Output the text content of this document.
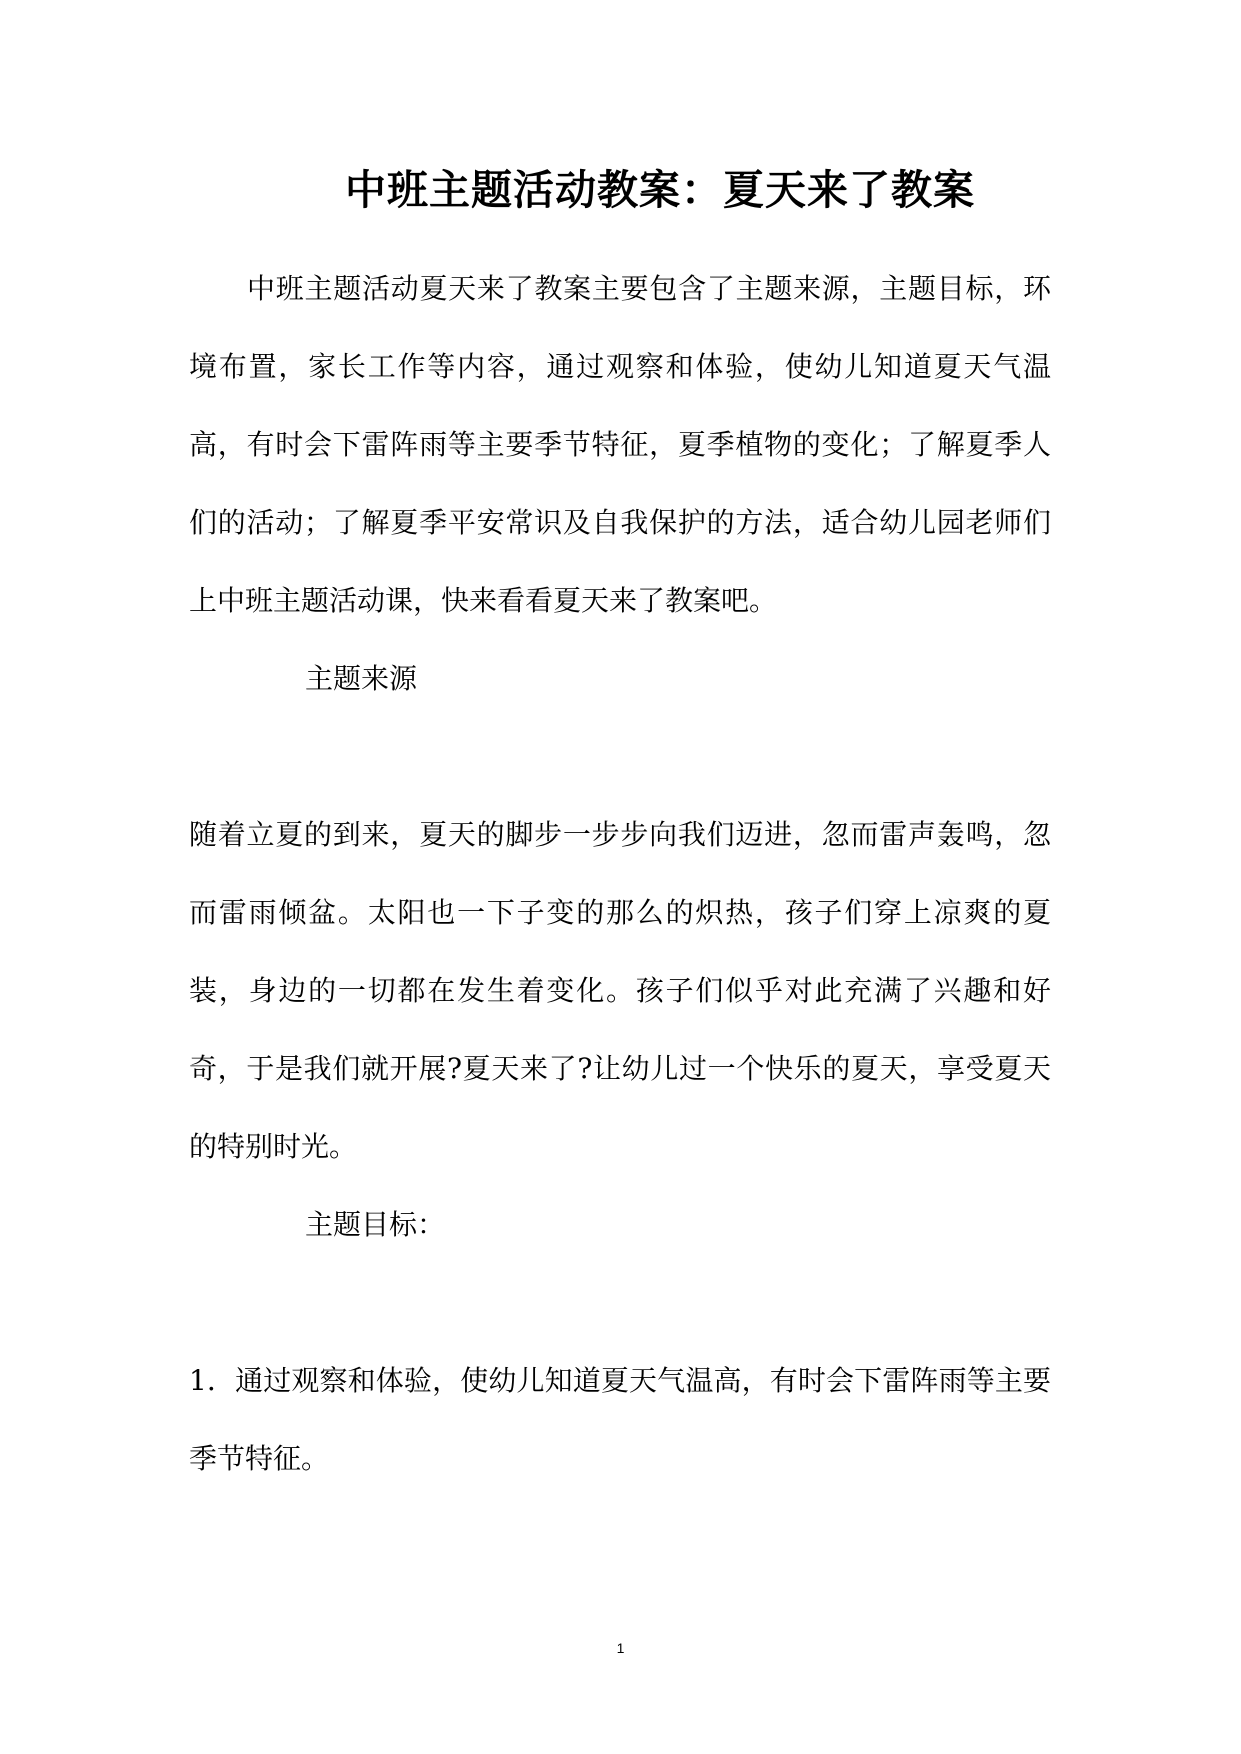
中班主题活动教案：夏天来了教案

中班主题活动夏天来了教案主要包含了主题来源，主题目标，环境布置，家长工作等内容，通过观察和体验，使幼儿知道夏天气温高，有时会下雷阵雨等主要季节特征，夏季植物的变化；了解夏季人们的活动；了解夏季平安常识及自我保护的方法，适合幼儿园老师们上中班主题活动课，快来看看夏天来了教案吧。

主题来源

随着立夏的到来，夏天的脚步一步步向我们迈进，忽而雷声轰鸣，忽而雷雨倾盆。太阳也一下子变的那么的炽热，孩子们穿上凉爽的夏装，身边的一切都在发生着变化。孩子们似乎对此充满了兴趣和好奇，于是我们就开展?夏天来了?让幼儿过一个快乐的夏天，享受夏天的特别时光。

主题目标：

1．通过观察和体验，使幼儿知道夏天气温高，有时会下雷阵雨等主要季节特征。

1
